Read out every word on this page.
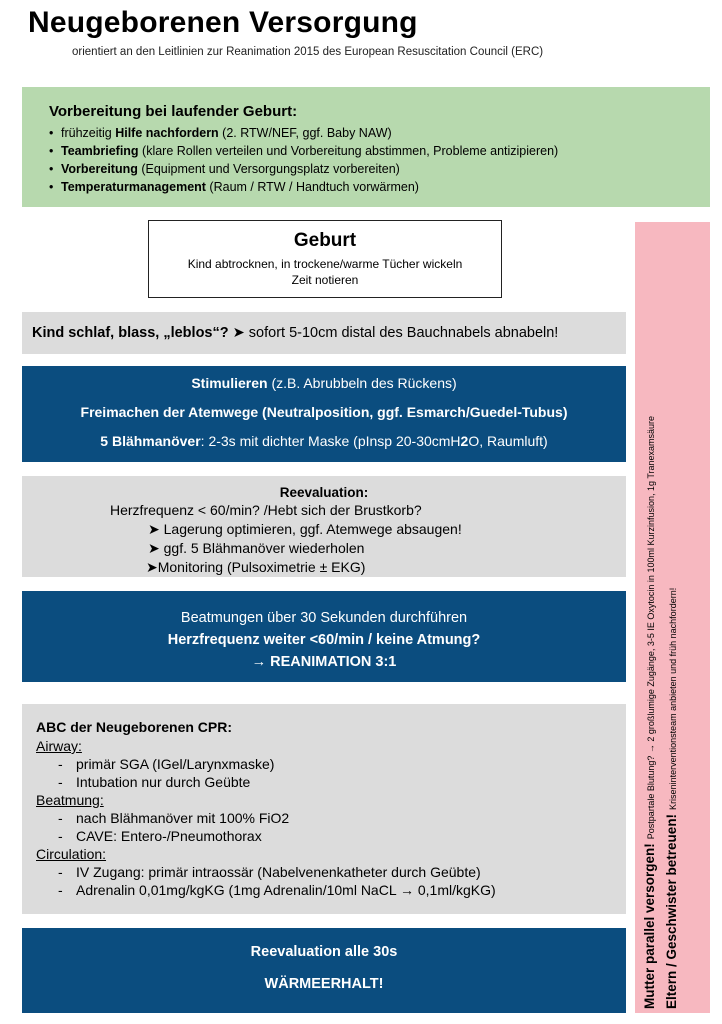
Neugeborenen Versorgung
orientiert an den Leitlinien zur Reanimation 2015 des European Resuscitation Council (ERC)
Vorbereitung bei laufender Geburt:
• frühzeitig Hilfe nachfordern (2. RTW/NEF, ggf. Baby NAW)
• Teambriefing (klare Rollen verteilen und Vorbereitung abstimmen, Probleme antizipieren)
• Vorbereitung (Equipment und Versorgungsplatz vorbereiten)
• Temperaturmanagement (Raum / RTW / Handtuch vorwärmen)
Geburt
Kind abtrocknen, in trockene/warme Tücher wickeln
Zeit notieren
Kind schlaf, blass, „leblos“? ➤ sofort 5-10cm distal des Bauchnabels abnabeln!
Stimulieren (z.B. Abrubbeln des Rückens)
Freimachen der Atemwege (Neutralposition, ggf. Esmarch/Guedel-Tubus)
5 Blähmanöver: 2-3s mit dichter Maske (pInsp 20-30cmH2O, Raumluft)
Reevaluation:
Herzfrequenz < 60/min? /Hebt sich der Brustkorb?
➤ Lagerung optimieren, ggf. Atemwege absaugen!
➤ ggf. 5 Blähmanöver wiederholen
➤Monitoring (Pulsoximetrie ± EKG)
Beatmungen über 30 Sekunden durchführen
Herzfrequenz weiter <60/min / keine Atmung?
→ REANIMATION 3:1
ABC der Neugeborenen CPR:
Airway:
- primär SGA (IGel/Larynxmaske)
- Intubation nur durch Geübte
Beatmung:
- nach Blähmanöver mit 100% FiO2
- CAVE: Entero-/Pneumothorax
Circulation:
- IV Zugang: primär intraossär (Nabelvenenkatheter durch Geübte)
- Adrenalin 0,01mg/kgKG (1mg Adrenalin/10ml NaCL → 0,1ml/kgKG)
Reevaluation alle 30s
WÄRMEERHALT!	Mutter parallel versorgen!Postpartale Blutung? → 2 großlumige Zugänge, 3-5 IE Oxytocin in 100ml Kurzinfusion, 1g Tranexamsäure
Eltern / Geschwister betreuen!Kriseninterventionsteam anbieten und früh nachfordern!
